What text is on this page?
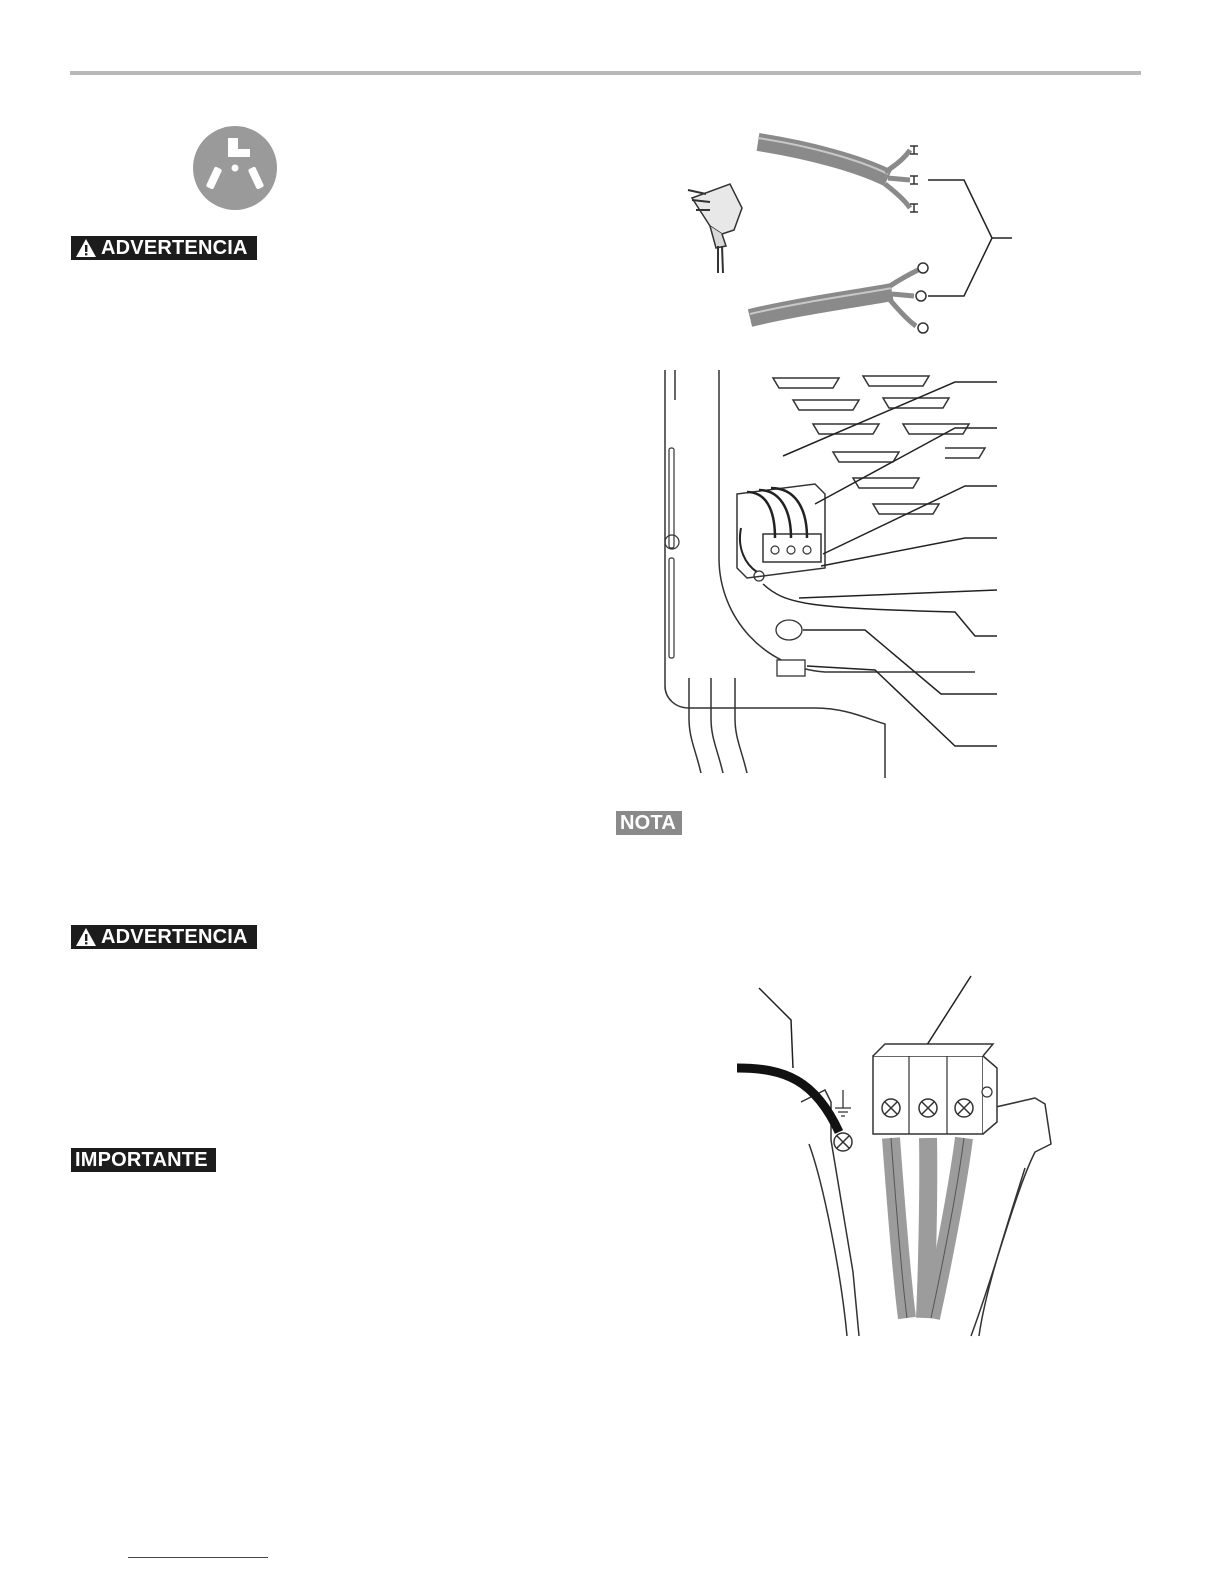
ADVERTENCIA
ADVERTENCIA
IMPORTANTE
NOTA
